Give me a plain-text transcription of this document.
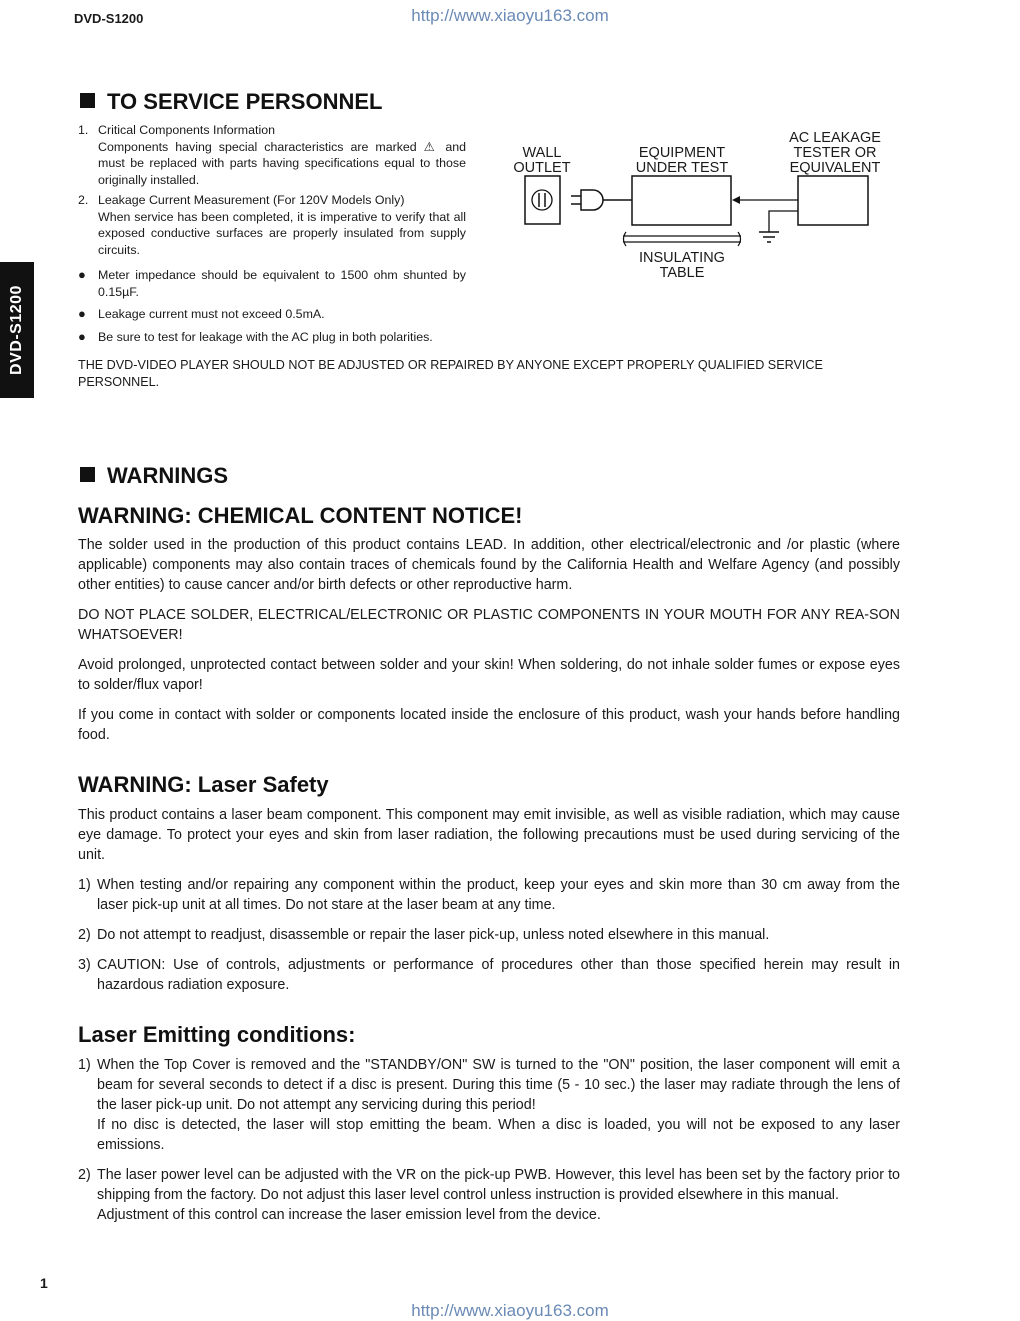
DVD-S1200	http://www.xiaoyu163.com
DVD-S1200
TO SERVICE PERSONNEL
1. Critical Components Information

Components having special characteristics are marked ⚠ and must be replaced with parts having specifications equal to those originally installed.

2. Leakage Current Measurement (For 120V Models Only)

When service has been completed, it is imperative to verify that all exposed conductive surfaces are properly insulated from supply circuits.

● Meter impedance should be equivalent to 1500 ohm shunted by 0.15µF.
● Leakage current must not exceed 0.5mA.
● Be sure to test for leakage with the AC plug in both polarities.
WALL
OUTLET
EQUIPMENT
UNDER TEST
AC LEAKAGE
TESTER OR
EQUIVALENT
INSULATING
TABLE
THE DVD-VIDEO PLAYER SHOULD NOT BE ADJUSTED OR REPAIRED BY ANYONE EXCEPT PROPERLY QUALIFIED SERVICE PERSONNEL.
WARNINGS
WARNING: CHEMICAL CONTENT NOTICE!

The solder used in the production of this product contains LEAD. In addition, other electrical/electronic and /or plastic (where applicable) components may also contain traces of chemicals found by the California Health and Welfare Agency (and possibly other entities) to cause cancer and/or birth defects or other reproductive harm.

DO NOT PLACE SOLDER, ELECTRICAL/ELECTRONIC OR PLASTIC COMPONENTS IN YOUR MOUTH FOR ANY REA-SON WHATSOEVER!

Avoid prolonged, unprotected contact between solder and your skin! When soldering, do not inhale solder fumes or expose eyes to solder/flux vapor!

If you come in contact with solder or components located inside the enclosure of this product, wash your hands before handling food.

WARNING: Laser Safety

This product contains a laser beam component. This component may emit invisible, as well as visible radiation, which may cause eye damage. To protect your eyes and skin from laser radiation, the following precautions must be used during servicing of the unit.

1) When testing and/or repairing any component within the product, keep your eyes and skin more than 30 cm away from the laser pick-up unit at all times. Do not stare at the laser beam at any time.
2) Do not attempt to readjust, disassemble or repair the laser pick-up, unless noted elsewhere in this manual.
3) CAUTION: Use of controls, adjustments or performance of procedures other than those specified herein may result in hazardous radiation exposure.
Laser Emitting conditions:
1) When the Top Cover is removed and the "STANDBY/ON" SW is turned to the "ON" position, the laser component will emit a beam for several seconds to detect if a disc is present. During this time (5 - 10 sec.) the laser may radiate through the lens of the laser pick-up unit. Do not attempt any servicing during this period!

If no disc is detected, the laser will stop emitting the beam. When a disc is loaded, you will not be exposed to any laser emissions.

2) The laser power level can be adjusted with the VR on the pick-up PWB. However, this level has been set by the factory prior to shipping from the factory. Do not adjust this laser level control unless instruction is provided elsewhere in this manual.

Adjustment of this control can increase the laser emission level from the device.

1
http://www.xiaoyu163.com
